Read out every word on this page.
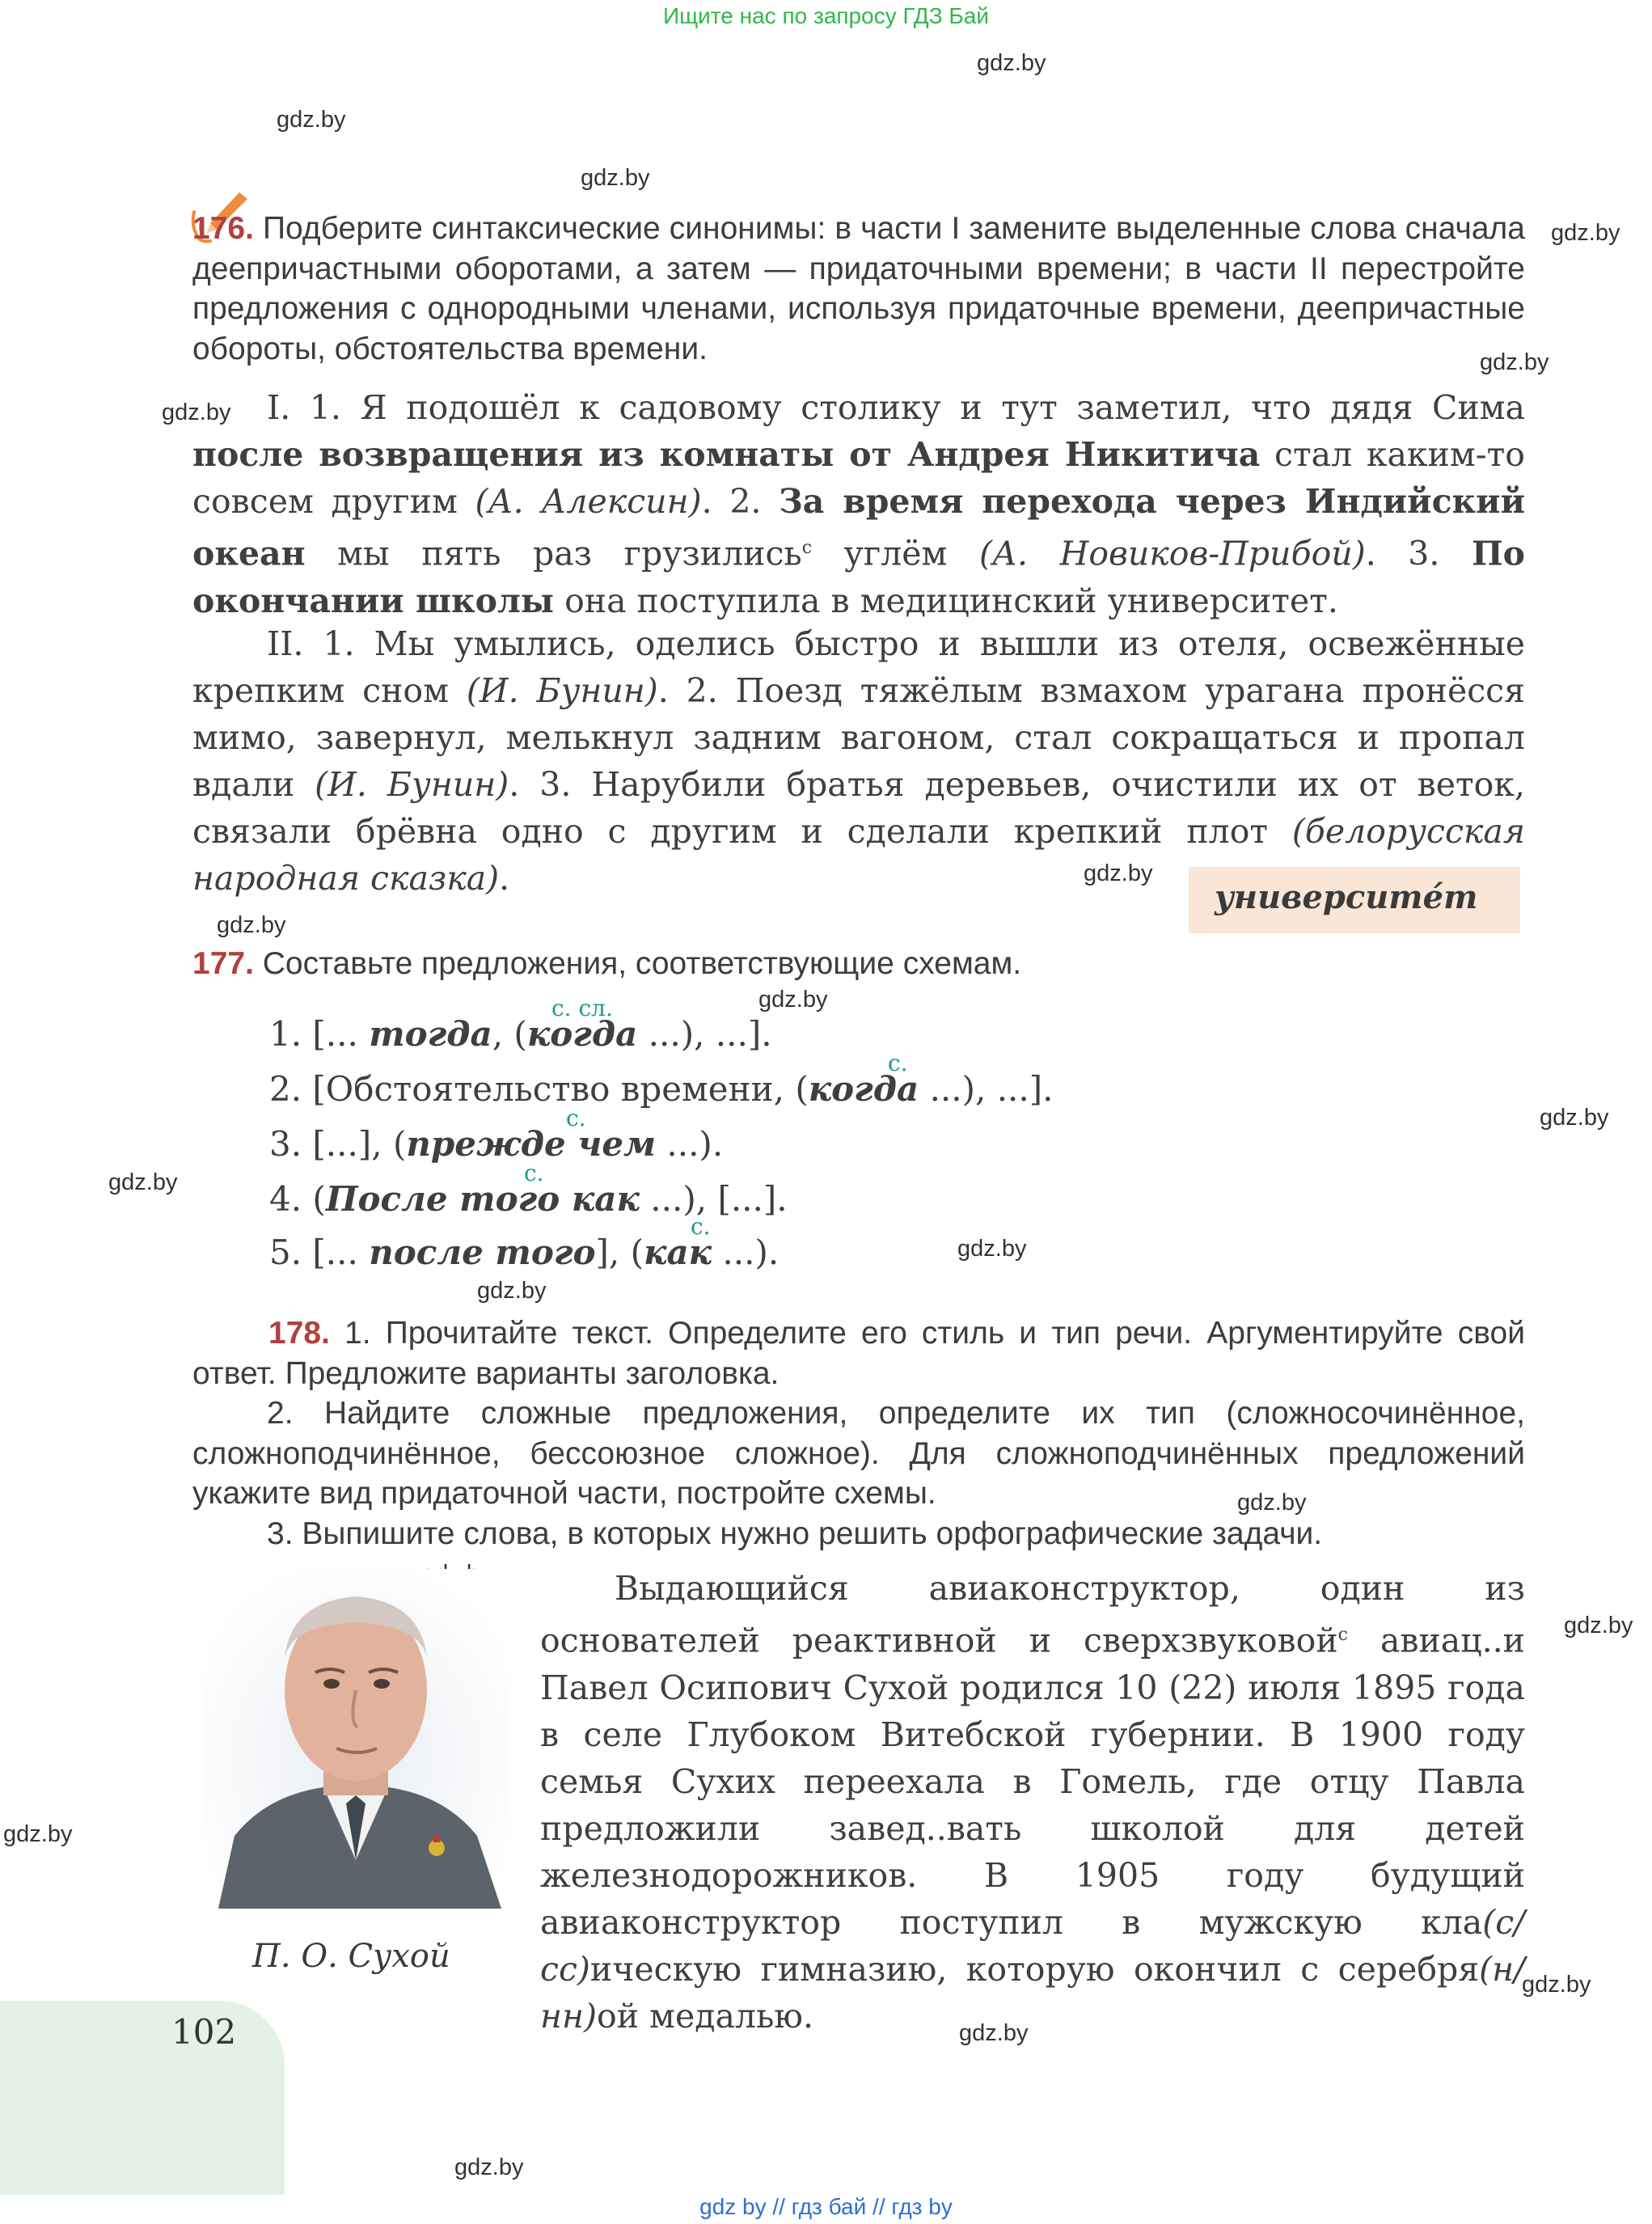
Ищите нас по запросу ГДЗ Бай
gdz by // гдз бай // гдз by
gdz.by
gdz.by
gdz.by
gdz.by
gdz.by
gdz.by
gdz.by
gdz.by
gdz.by
gdz.by
gdz.by
gdz.by
gdz.by
gdz.by
gdz.by
gdz.by
gdz.by
gdz.by
gdz.by
176. Подберите синтаксические синонимы: в части I замените выделенные слова сначала деепричастными оборотами, а затем — придаточными времени; в части II перестройте предложения с однородными членами, используя придаточные времени, деепричастные обороты, обстоятельства времени.
I. 1. Я подошёл к садовому столику и тут заметил, что дядя Сима после возвращения из комнаты от Андрея Никитича стал каким-то совсем другим (А. Алексин). 2. За время перехода через Индийский океан мы пять раз грузились$^с$ углём (А. Новиков-Прибой). 3. По окончании школы она поступила в медицинский университет.
II. 1. Мы умылись, оделись быстро и вышли из отеля, освежённые крепким сном (И. Бунин). 2. Поезд тяжёлым взмахом урагана пронёсся мимо, завернул, мелькнул задним вагоном, стал сокращаться и пропал вдали (И. Бунин). 3. Нарубили братья деревьев, очистили их от веток, связали брёвна одно с другим и сделали крепкий плот (белорусская народная сказка).	университе́т
177. Составьте предложения, соответствующие схемам.
с. сл.
1. [... тогда, (когда ...), ...].
с.
2. [Обстоятельство времени, (когда ...), ...].
с.
3. [...], (прежде чем ...).
с.
4. (После того как ...), [...].
с.
5. [... после того], (как ...).
178. 1. Прочитайте текст. Определите его стиль и тип речи. Аргументируйте свой ответ. Предложите варианты заголовка.
2. Найдите сложные предложения, определите их тип (сложносочинённое, сложноподчинённое, бессоюзное сложное). Для сложноподчинённых предложений укажите вид придаточной части, постройте схемы.
3. Выпишите слова, в которых нужно решить орфографические задачи.
П. О. Сухой
Выдающийся авиаконструктор, один из основателей реактивной и сверхзвуковой$^с$ авиац..и Павел Осипович Сухой родился 10 (22) июля 1895 года в селе Глубоком Витебской губернии. В 1900 году семья Сухих переехала в Гомель, где отцу Павла предложили завед..вать школой для детей железнодорожников. В 1905 году будущий авиаконструктор поступил в мужскую кла(с/сс)ическую гимназию, которую окончил с серебря(н/нн)ой медалью.
102
